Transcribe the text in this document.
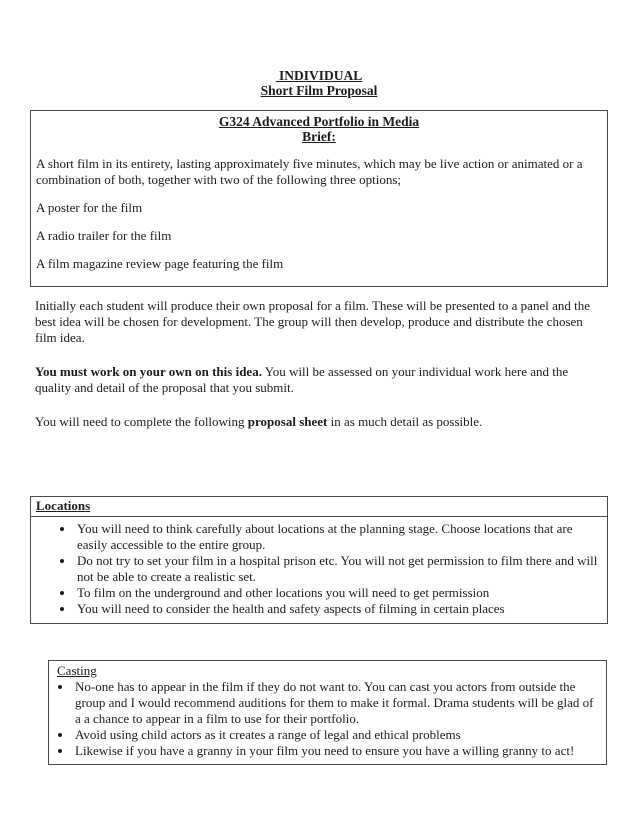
INDIVIDUAL
Short Film Proposal
G324 Advanced Portfolio in Media
Brief:

A short film in its entirety, lasting approximately five minutes, which may be live action or animated or a combination of both, together with two of the following three options;

A poster for the film

A radio trailer for the film

A film magazine review page featuring the film

Initially each student will produce their own proposal for a film. These will be presented to a panel and the best idea will be chosen for development. The group will then develop, produce and distribute the chosen film idea.

You must work on your own on this idea. You will be assessed on your individual work here and the quality and detail of the proposal that you submit.

You will need to complete the following proposal sheet in as much detail as possible.

Locations
• You will need to think carefully about locations at the planning stage. Choose locations that are easily accessible to the entire group.
• Do not try to set your film in a hospital prison etc. You will not get permission to film there and will not be able to create a realistic set.
• To film on the underground and other locations you will need to get permission
• You will need to consider the health and safety aspects of filming in certain places
Casting
• No-one has to appear in the film if they do not want to. You can cast you actors from outside the group and I would recommend auditions for them to make it formal. Drama students will be glad of a a chance to appear in a film to use for their portfolio.
• Avoid using child actors as it creates a range of legal and ethical problems
• Likewise if you have a granny in your film you need to ensure you have a willing granny to act!
